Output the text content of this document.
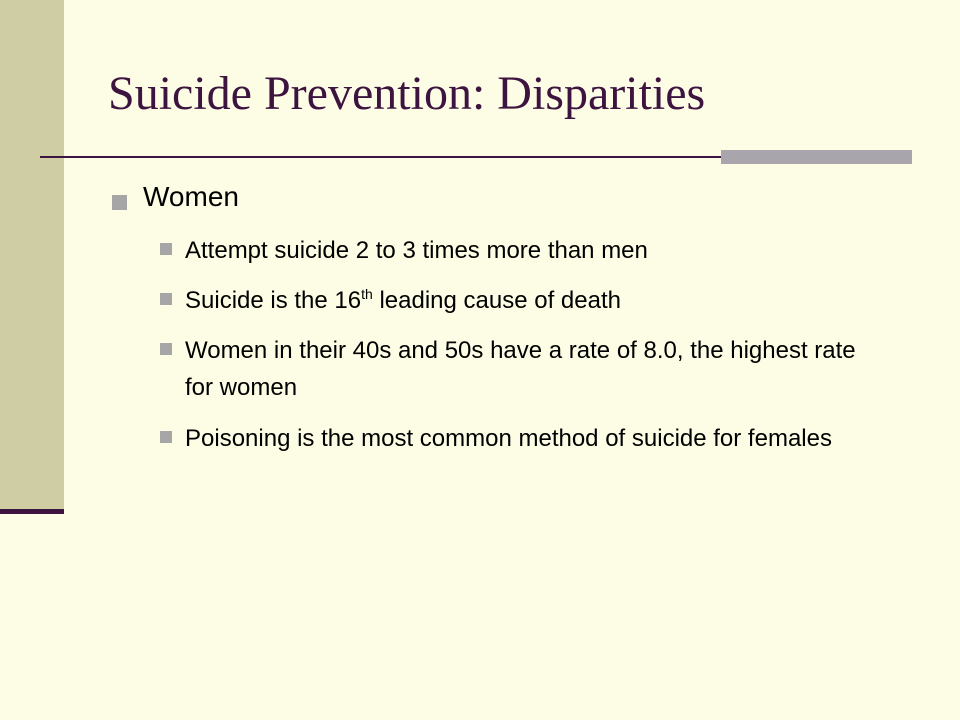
Suicide Prevention: Disparities
Women
Attempt suicide 2 to 3 times more than men
Suicide is the 16th leading cause of death
Women in their 40s and 50s have a rate of 8.0, the highest rate for women
Poisoning is the most common method of suicide for females
